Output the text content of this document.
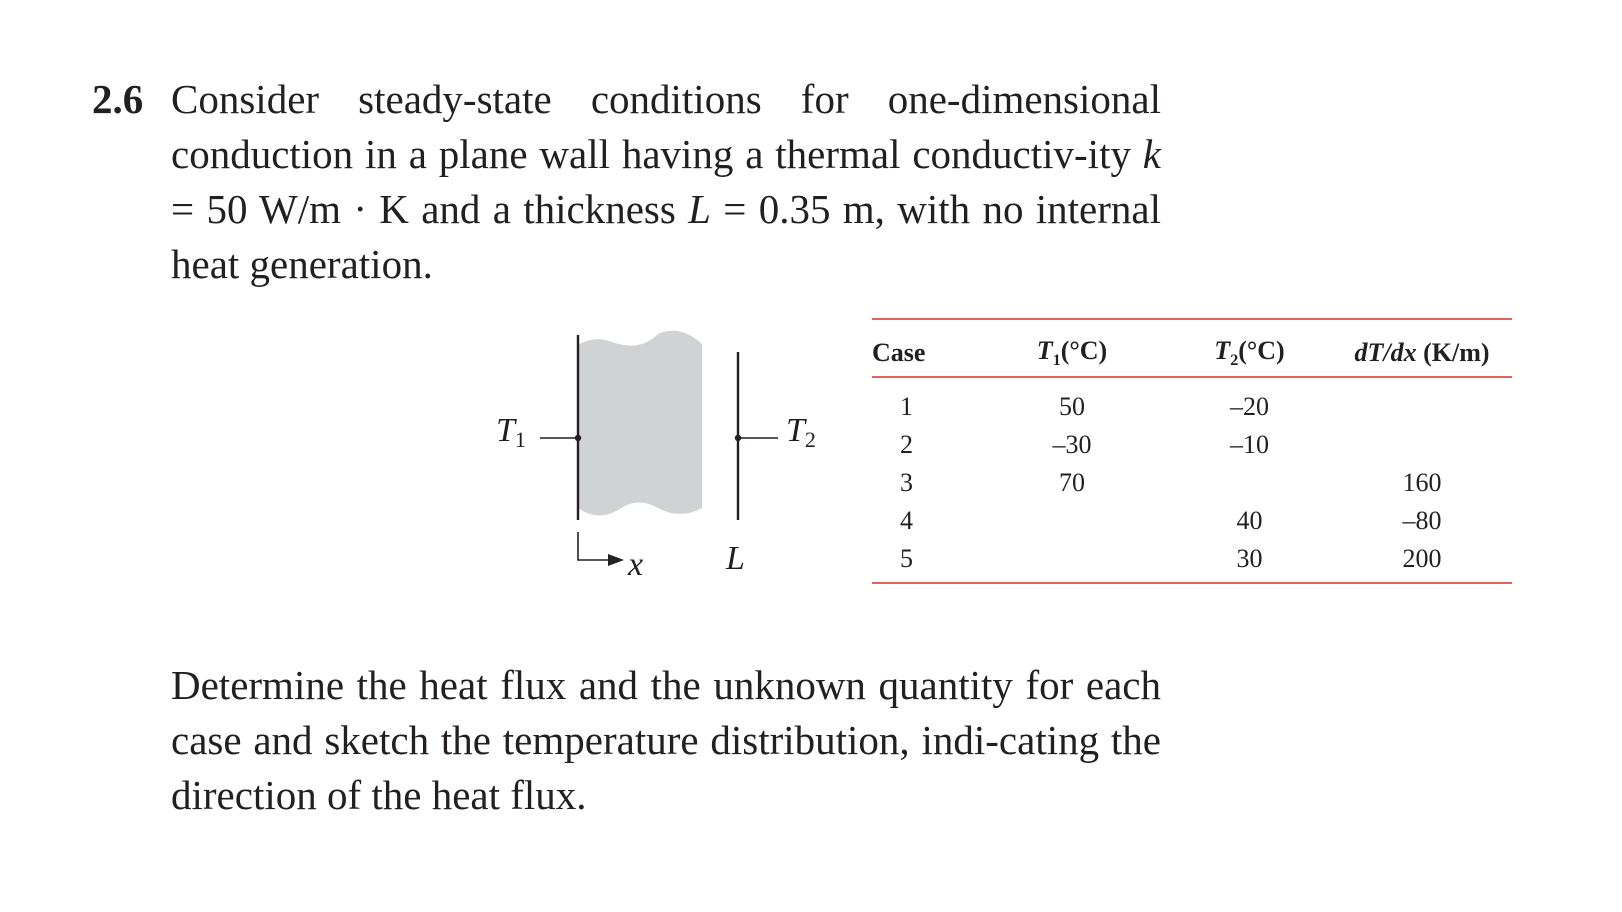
2.6 Consider steady-state conditions for one-dimensional conduction in a plane wall having a thermal conductiv-ity k = 50 W/m · K and a thickness L = 0.35 m, with no internal heat generation.
$T_1$	$T_2$
x L
Case	$T_1(^\circ C)$	$T_2(^\circ C)$	dT/dx (K/m)

1	50	–20	
2	–30	–10	
3	70		160
4		40	–80
5		30	200
Determine the heat flux and the unknown quantity for each case and sketch the temperature distribution, indi-cating the direction of the heat flux.
